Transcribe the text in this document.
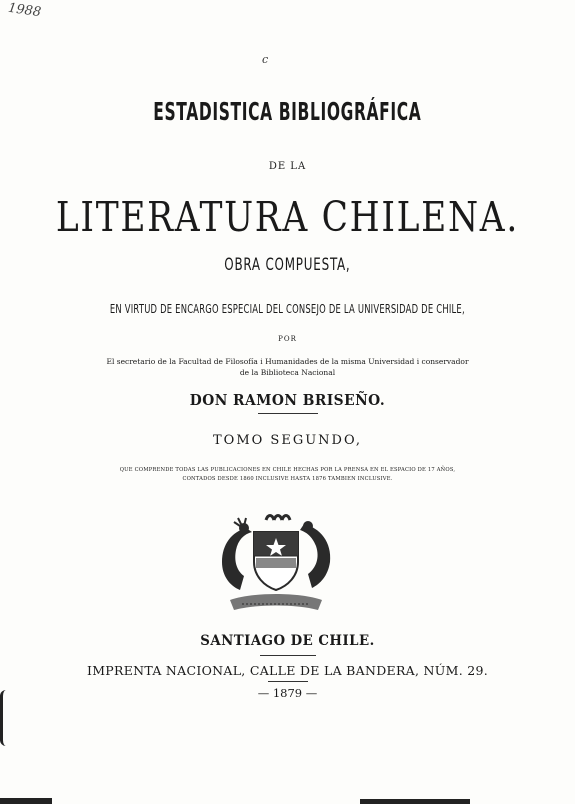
1988
c
ESTADISTICA BIBLIOGRÁFICA
DE LA
LITERATURA CHILENA.
OBRA COMPUESTA,
EN VIRTUD DE ENCARGO ESPECIAL DEL CONSEJO DE LA UNIVERSIDAD DE CHILE,
POR
El secretario de la Facultad de Filosofía i Humanidades de la misma Universidad i conservador
de la Biblioteca Nacional
DON RAMON BRISEÑO.
TOMO SEGUNDO,
QUE COMPRENDE TODAS LAS PUBLICACIONES EN CHILE HECHAS POR LA PRENSA EN EL ESPACIO DE 17 AÑOS,
CONTADOS DESDE 1860 INCLUSIVE HASTA 1876 TAMBIEN INCLUSIVE.
SANTIAGO DE CHILE.
IMPRENTA NACIONAL, CALLE DE LA BANDERA, NÚM. 29.
— 1879 —
